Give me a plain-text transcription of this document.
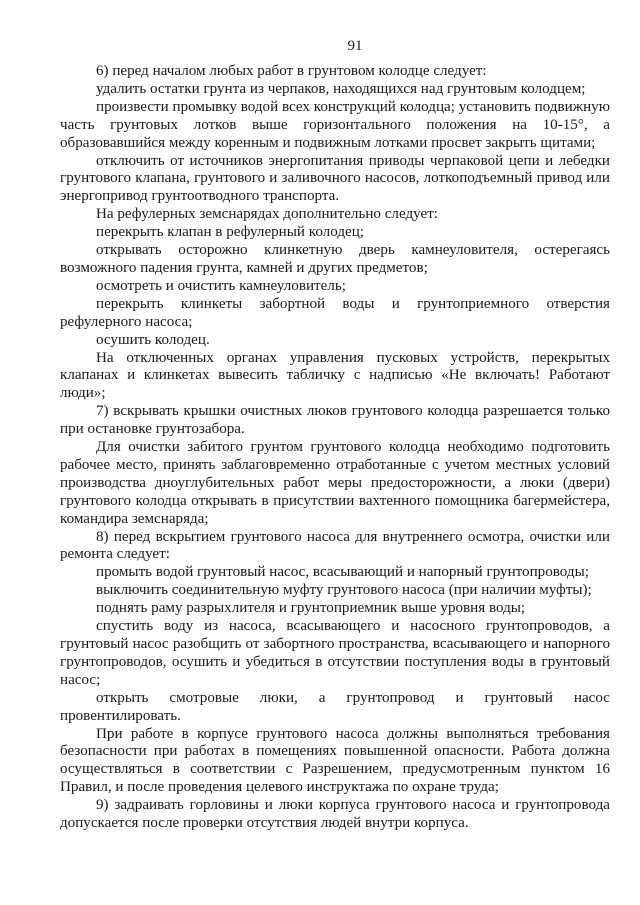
91

6) перед началом любых работ в грунтовом колодце следует:

удалить остатки грунта из черпаков, находящихся над грунтовым колодцем;

произвести промывку водой всех конструкций колодца; установить подвижную часть грунтовых лотков выше горизонтального положения на 10-15°, а образовавшийся между коренным и подвижным лотками просвет закрыть щитами;

отключить от источников энергопитания приводы черпаковой цепи и лебедки грунтового клапана, грунтового и заливочного насосов, лоткоподъемный привод или энергопривод грунтоотводного транспорта.

На рефулерных земснарядах дополнительно следует:

перекрыть клапан в рефулерный колодец;

открывать осторожно клинкетную дверь камнеуловителя, остерегаясь возможного падения грунта, камней и других предметов;

осмотреть и очистить камнеуловитель;

перекрыть клинкеты забортной воды и грунтоприемного отверстия рефулерного насоса;

осушить колодец.

На отключенных органах управления пусковых устройств, перекрытых клапанах и клинкетах вывесить табличку с надписью «Не включать! Работают люди»;

7) вскрывать крышки очистных люков грунтового колодца разрешается только при остановке грунтозабора.

Для очистки забитого грунтом грунтового колодца необходимо подготовить рабочее место, принять заблаговременно отработанные с учетом местных условий производства дноуглубительных работ меры предосторожности, а люки (двери) грунтового колодца открывать в присутствии вахтенного помощника багермейстера, командира земснаряда;

8) перед вскрытием грунтового насоса для внутреннего осмотра, очистки или ремонта следует:

промыть водой грунтовый насос, всасывающий и напорный грунтопроводы;

выключить соединительную муфту грунтового насоса (при наличии муфты);

поднять раму разрыхлителя и грунтоприемник выше уровня воды;

спустить воду из насоса, всасывающего и насосного грунтопроводов, а грунтовый насос разобщить от забортного пространства, всасывающего и напорного грунтопроводов, осушить и убедиться в отсутствии поступления воды в грунтовый насос;

открыть смотровые люки, а грунтопровод и грунтовый насос провентилировать.

При работе в корпусе грунтового насоса должны выполняться требования безопасности при работах в помещениях повышенной опасности. Работа должна осуществляться в соответствии с Разрешением, предусмотренным пунктом 16 Правил, и после проведения целевого инструктажа по охране труда;

9) задраивать горловины и люки корпуса грунтового насоса и грунтопровода допускается после проверки отсутствия людей внутри корпуса.
